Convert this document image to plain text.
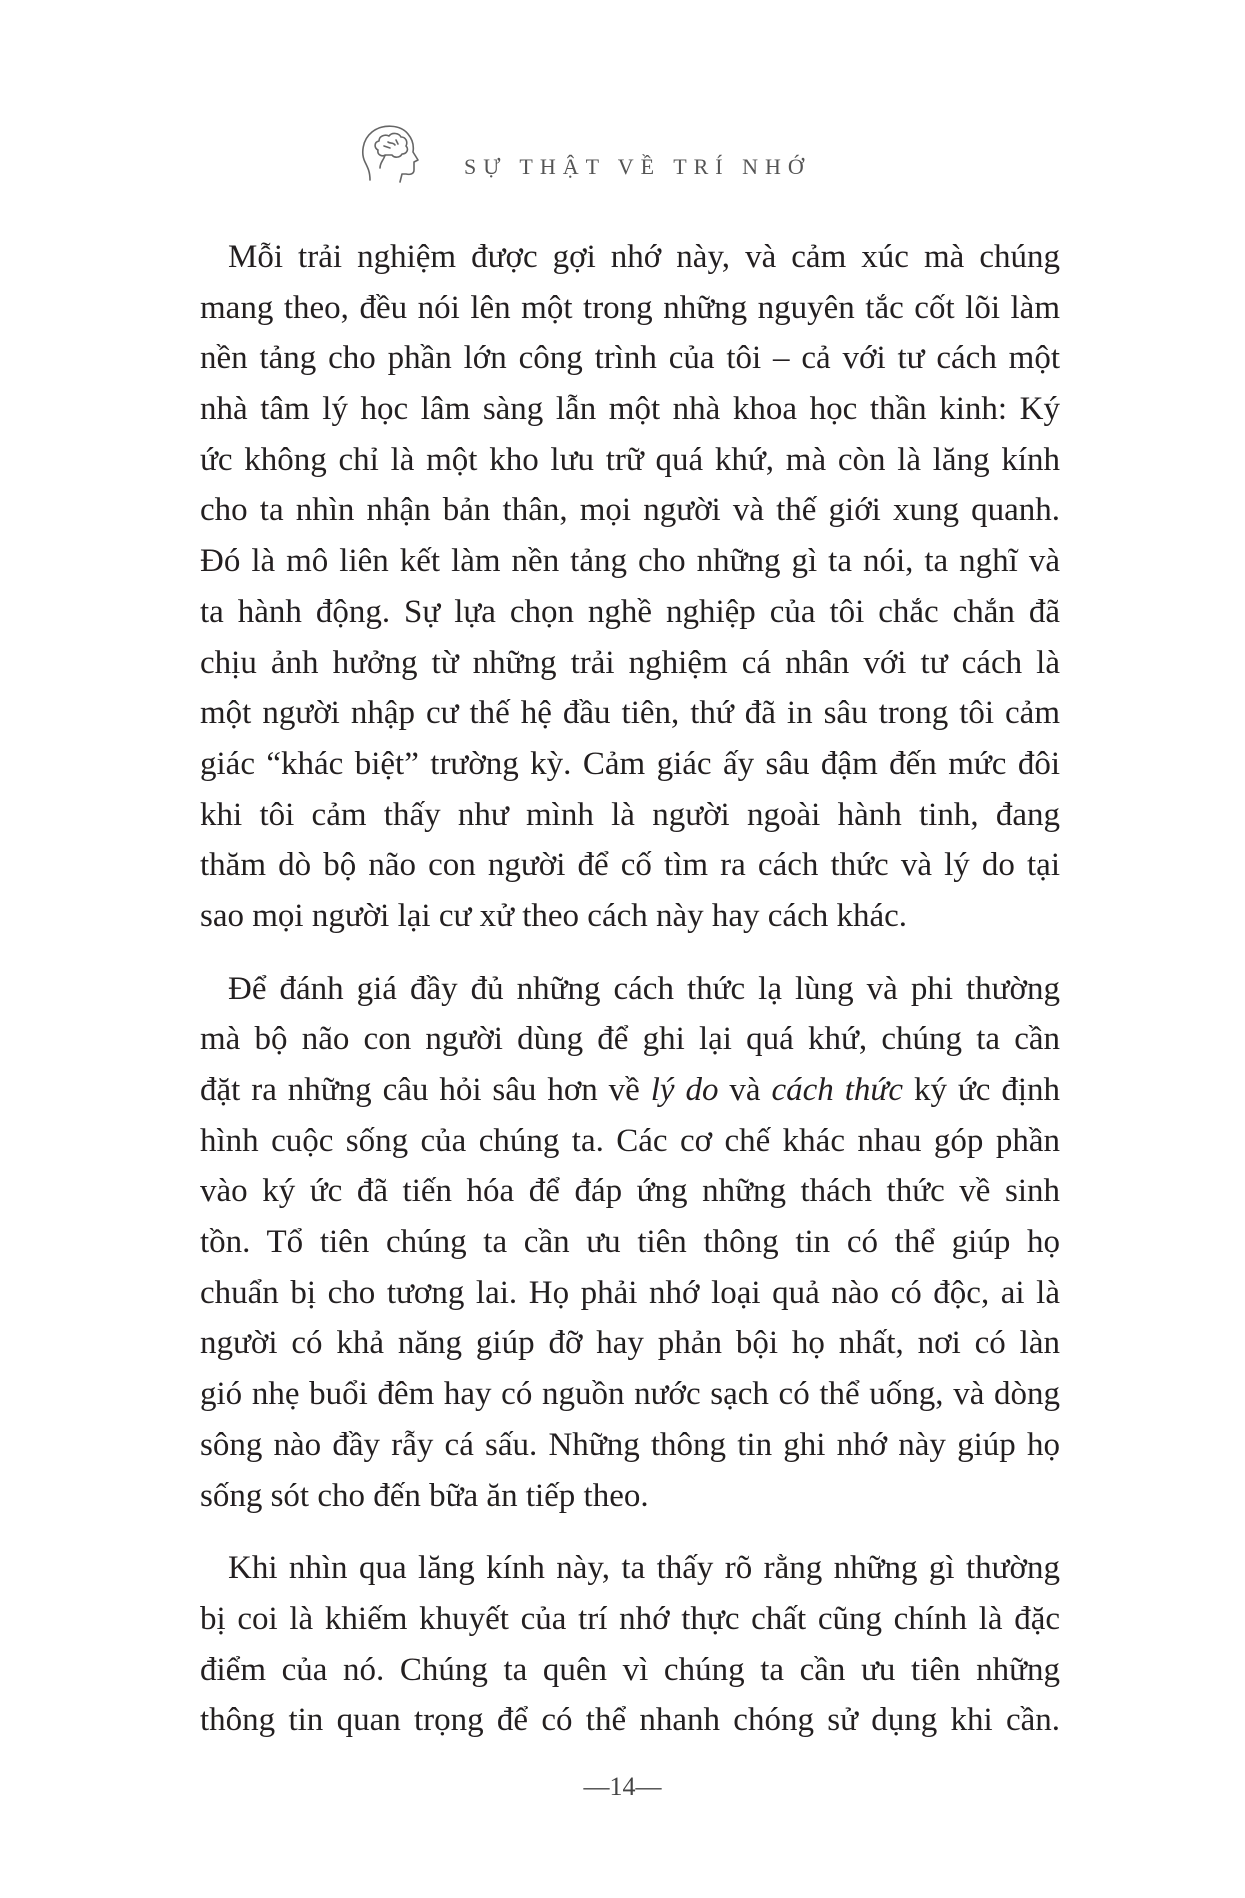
SỰ THẬT VỀ TRÍ NHỚ
Mỗi trải nghiệm được gợi nhớ này, và cảm xúc mà chúng
mang theo, đều nói lên một trong những nguyên tắc cốt lõi làm
nền tảng cho phần lớn công trình của tôi – cả với tư cách một
nhà tâm lý học lâm sàng lẫn một nhà khoa học thần kinh: Ký
ức không chỉ là một kho lưu trữ quá khứ, mà còn là lăng kính
cho ta nhìn nhận bản thân, mọi người và thế giới xung quanh.
Đó là mô liên kết làm nền tảng cho những gì ta nói, ta nghĩ và
ta hành động. Sự lựa chọn nghề nghiệp của tôi chắc chắn đã
chịu ảnh hưởng từ những trải nghiệm cá nhân với tư cách là
một người nhập cư thế hệ đầu tiên, thứ đã in sâu trong tôi cảm
giác “khác biệt” trường kỳ. Cảm giác ấy sâu đậm đến mức đôi
khi tôi cảm thấy như mình là người ngoài hành tinh, đang
thăm dò bộ não con người để cố tìm ra cách thức và lý do tại
sao mọi người lại cư xử theo cách này hay cách khác.
Để đánh giá đầy đủ những cách thức lạ lùng và phi thường
mà bộ não con người dùng để ghi lại quá khứ, chúng ta cần
đặt ra những câu hỏi sâu hơn về lý do và cách thức ký ức định
hình cuộc sống của chúng ta. Các cơ chế khác nhau góp phần
vào ký ức đã tiến hóa để đáp ứng những thách thức về sinh
tồn. Tổ tiên chúng ta cần ưu tiên thông tin có thể giúp họ
chuẩn bị cho tương lai. Họ phải nhớ loại quả nào có độc, ai là
người có khả năng giúp đỡ hay phản bội họ nhất, nơi có làn
gió nhẹ buổi đêm hay có nguồn nước sạch có thể uống, và dòng
sông nào đầy rẫy cá sấu. Những thông tin ghi nhớ này giúp họ
sống sót cho đến bữa ăn tiếp theo.
Khi nhìn qua lăng kính này, ta thấy rõ rằng những gì thường
bị coi là khiếm khuyết của trí nhớ thực chất cũng chính là đặc
điểm của nó. Chúng ta quên vì chúng ta cần ưu tiên những
thông tin quan trọng để có thể nhanh chóng sử dụng khi cần.
—14—
